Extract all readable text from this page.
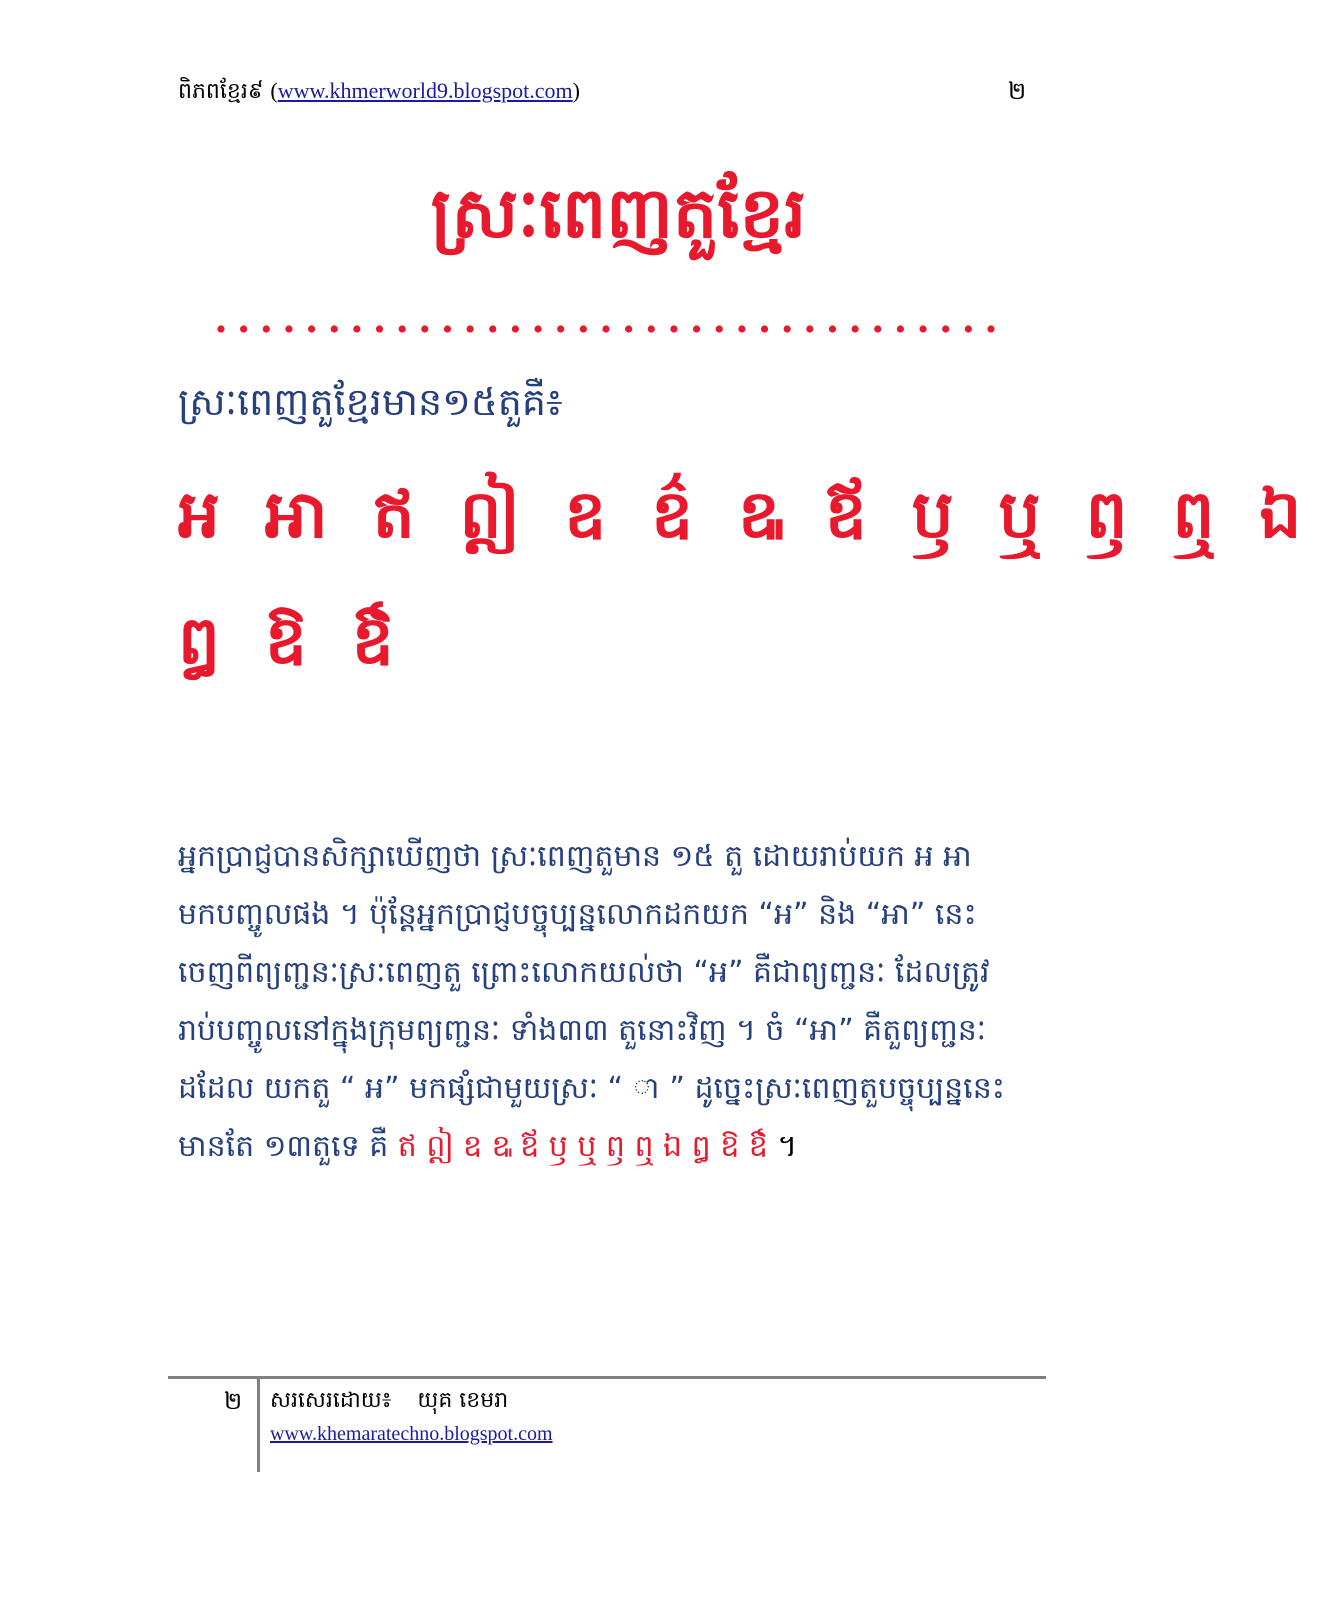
ពិភពខ្មែរ៩ (www.khmerworld9.blogspot.com)	២
ស្រៈពេញតួខ្មែរ
ស្រៈពេញតួខ្មែរមាន១៥តួគឺ៖
អ អា ឥ ឦ ឧ ឧ៌ ឩ ឪ ឫ ឬ ឭ ឮ ឯ
ឰ ឱ ឳ
អ្នកប្រាជ្ញបានសិក្សាឃើញថា ស្រៈពេញតួមាន ១៥ តួ ដោយរាប់យក អ អា
មកបញ្ចូលផង ។ ប៉ុន្តែអ្នកប្រាជ្ញបច្ចុប្បន្នលោកដកយក “អ” និង “អា” នេះ
ចេញពីព្យញ្ជនៈស្រៈពេញតួ ព្រោះលោកយល់ថា “អ” គឺជាព្យញ្ជនៈ ដែលត្រូវ
រាប់បញ្ចូលនៅក្នុងក្រុមព្យញ្ជនៈ ទាំង៣៣ តួនោះវិញ ។ ចំ “អា” គឺតួព្យញ្ជនៈ
ដដែល យកតួ “ អ” មកផ្សំជាមួយស្រៈ “ ា ” ដូច្នេះស្រៈពេញតួបច្ចុប្បន្ននេះ
មានតែ ១៣តួទេ គឺ ឥ ឦ ឧ ឩ ឪ ឫ ឬ ឭ ឮ ឯ ឰ ឱ ឳ ។
២ សរសេរដោយ៖ យុគ ខេមរា
www.khemaratechno.blogspot.com
